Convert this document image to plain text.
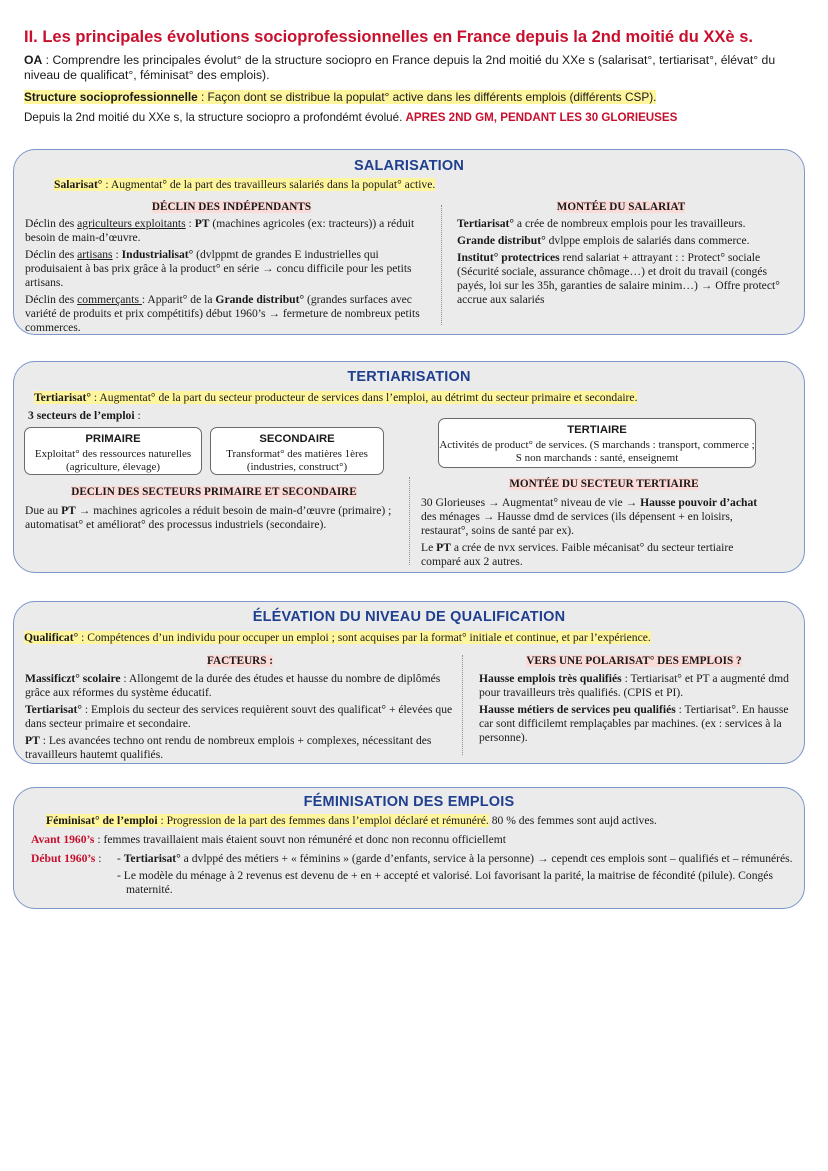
II. Les principales évolutions socioprofessionnelles en France depuis la 2nd moitié du XXè s.
OA : Comprendre les principales évolut° de la structure sociopro en France depuis la 2nd moitié du XXe s (salarisat°, tertiarisat°, élévat° du niveau de qualificat°, féminisat° des emplois).
Structure socioprofessionnelle : Façon dont se distribue la populat° active dans les différents emplois (différents CSP).
Depuis la 2nd moitié du XXe s, la structure sociopro a profondémt évolué. APRES 2ND GM, PENDANT LES 30 GLORIEUSES
SALARISATION
Salarisat° : Augmentat° de la part des travailleurs salariés dans la populat° active.
DÉCLIN DES INDÉPENDANTS
Déclin des agriculteurs exploitants : PT (machines agricoles (ex: tracteurs)) a réduit besoin de main-d’œuvre.
Déclin des artisans : Industrialisat° (dvlppmt de grandes E industrielles qui produisaient à bas prix grâce à la product° en série → concu difficile pour les petits artisans.
Déclin des commerçants : Apparit° de la Grande distribut° (grandes surfaces avec variété de produits et prix compétitifs) début 1960’s → fermeture de nombreux petits commerces.
MONTÉE DU SALARIAT
Tertiarisat° a crée de nombreux emplois pour les travailleurs.
Grande distribut° dvlppe emplois de salariés dans commerce.
Institut° protectrices rend salariat + attrayant : : Protect° sociale (Sécurité sociale, assurance chômage…) et droit du travail (congés payés, loi sur les 35h, garanties de salaire minim…) → Offre protect° accrue aux salariés
TERTIARISATION
Tertiarisat° : Augmentat° de la part du secteur producteur de services dans l’emploi, au détrimt du secteur primaire et secondaire.
3 secteurs de l’emploi :
PRIMAIRE
Exploitat° des ressources naturelles (agriculture, élevage)
SECONDAIRE
Transformat° des matières 1ères (industries, construct°)
TERTIAIRE
Activités de product° de services. (S marchands : transport, commerce ; S non marchands : santé, enseignemt
DECLIN DES SECTEURS PRIMAIRE ET SECONDAIRE
Due au PT → machines agricoles a réduit besoin de main-d’œuvre (primaire) ; automatisat° et améliorat° des processus industriels (secondaire).
MONTÉE DU SECTEUR TERTIAIRE
30 Glorieuses → Augmentat° niveau de vie → Hausse pouvoir d’achat des ménages → Hausse dmd de services (ils dépensent + en loisirs, restaurat°, soins de santé par ex).
Le PT a crée de nvx services. Faible mécanisat° du secteur tertiaire comparé aux 2 autres.
ÉLÉVATION DU NIVEAU DE QUALIFICATION
Qualificat° : Compétences d’un individu pour occuper un emploi ; sont acquises par la format° initiale et continue, et par l’expérience.
FACTEURS :
Massificzt° scolaire : Allongemt de la durée des études et hausse du nombre de diplômés grâce aux réformes du système éducatif.
Tertiarisat° : Emplois du secteur des services requièrent souvt des qualificat° + élevées que dans secteur primaire et secondaire.
PT : Les avancées techno ont rendu de nombreux emplois + complexes, nécessitant des travailleurs hautemt qualifiés.
VERS UNE POLARISAT° DES EMPLOIS ?
Hausse emplois très qualifiés : Tertiarisat° et PT a augmenté dmd pour travailleurs très qualifiés. (CPIS et PI).
Hausse métiers de services peu qualifiés : Tertiarisat°. En hausse car sont difficilemt remplaçables par machines. (ex : services à la personne).
FÉMINISATION DES EMPLOIS
Féminisat° de l’emploi : Progression de la part des femmes dans l’emploi déclaré et rémunéré. 80 % des femmes sont aujd actives.
Avant 1960’s : femmes travaillaient mais étaient souvt non rémunéré et donc non reconnu officiellemt
Début 1960’s :	- Tertiarisat° a dvlppé des métiers + « féminins » (garde d’enfants, service à la personne) → cependt ces emplois sont – qualifiés et – rémunérés.
- Le modèle du ménage à 2 revenus est devenu de + en + accepté et valorisé. Loi favorisant la parité, la maitrise de fécondité (pilule). Congés maternité.
